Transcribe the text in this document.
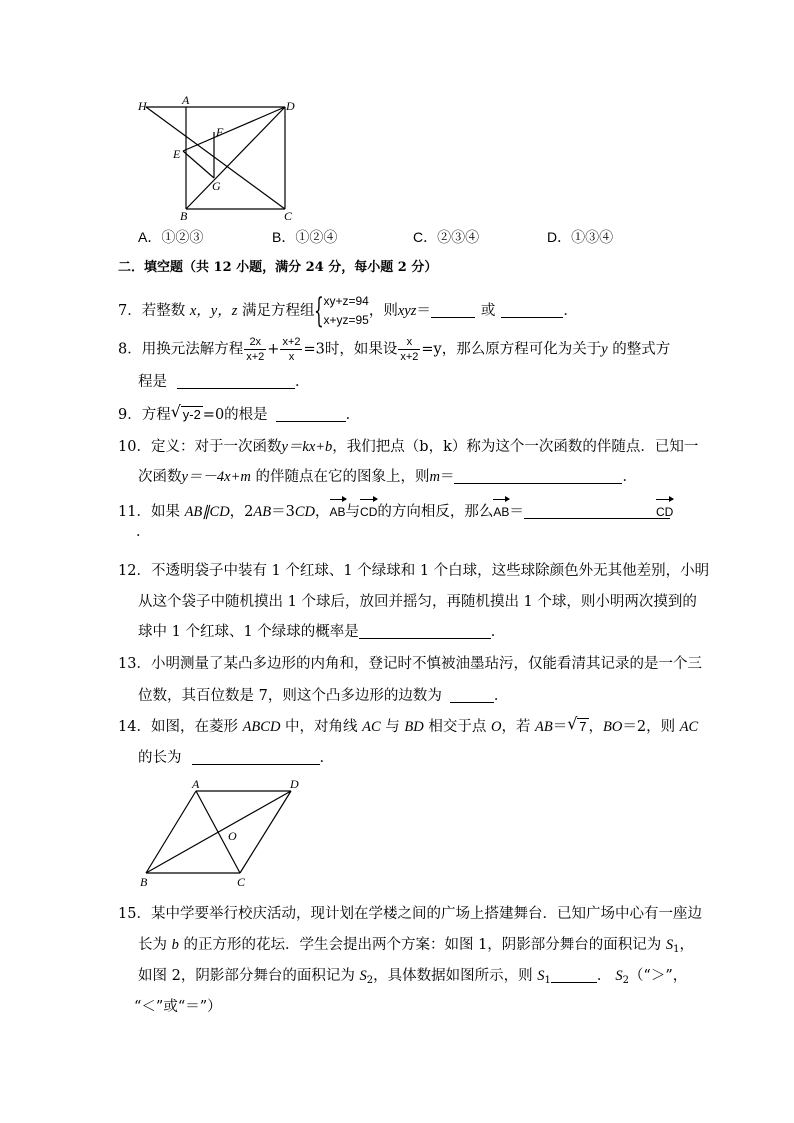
H	A	D
F
E
G
B	C
A．①②③	B．①②④	C．②③④	D．①③④
二．填空题（共 12 小题，满分 24 分，每小题 2 分）
7．若整数 x，y，z 满足方程组 { xy+z=94
x+yz=95
，则xyz＝	或	．
8．用换元法解方程 $\frac{2x}{x+2} + \frac{x+2}{x} =3$时，如果设 $\frac{x}{x+2} =y$，那么原方程可化为关于y 的整式方
程是	．
9．方程 √ y-2 =0的根是	．
10．定义：对于一次函数y＝kx+b，我们把点（b，k）称为这个一次函数的伴随点．已知一
次函数y＝－4x+m 的伴随点在它的图象上，则m＝	．
11．如果 AB∥CD，2AB＝3CD，
AB与
CD的方向相反，那么
AB＝	CD
．
12．不透明袋子中装有 1 个红球、1 个绿球和 1 个白球，这些球除颜色外无其他差别，小明
从这个袋子中随机摸出 1 个球后，放回并摇匀，再随机摸出 1 个球，则小明两次摸到的
球中 1 个红球、1 个绿球的概率是	．
13．小明测量了某凸多边形的内角和，登记时不慎被油墨玷污，仅能看清其记录的是一个三
位数，其百位数是 7，则这个凸多边形的边数为	．
14．如图，在菱形 ABCD 中，对角线 AC 与 BD 相交于点 O，若 AB＝ √ 7 ，BO＝2，则 AC
的长为	．
A	D
O
B	C
15．某中学要举行校庆活动，现计划在学楼之间的广场上搭建舞台．已知广场中心有一座边
长为 b 的正方形的花坛．学生会提出两个方案：如图 1，阴影部分舞台的面积记为 $S_1$，
如图 2，阴影部分舞台的面积记为 $S_2$，具体数据如图所示，则 $S_1$	． $S_2(“>$”，
“＜”或“＝”）
